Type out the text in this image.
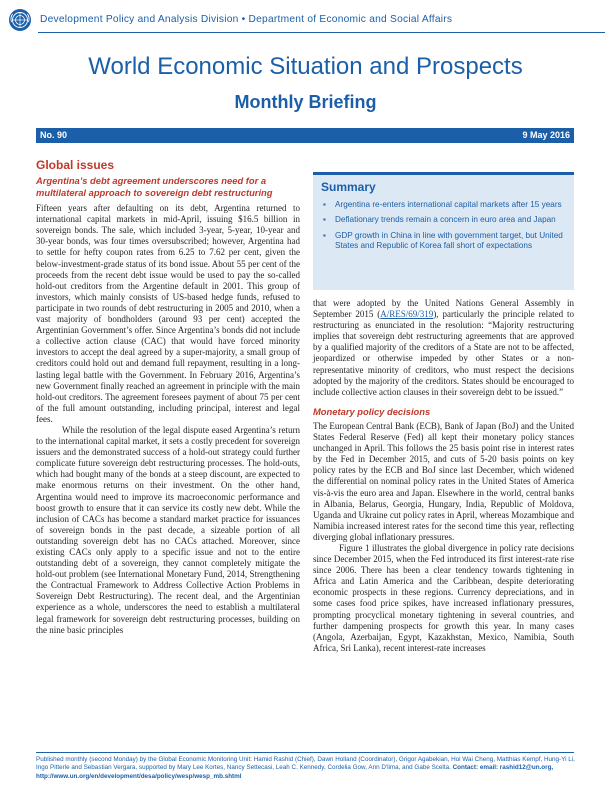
Development Policy and Analysis Division • Department of Economic and Social Affairs
World Economic Situation and Prospects
Monthly Briefing
No. 90	9 May 2016
Global issues
Argentina’s debt agreement underscores need for a multilateral approach to sovereign debt restructuring

Fifteen years after defaulting on its debt, Argentina returned to international capital markets in mid-April, issuing $16.5 billion in sovereign bonds. The sale, which included 3-year, 5-year, 10-year and 30-year bonds, was four times oversubscribed; however, Argentina had to settle for hefty coupon rates from 6.25 to 7.62 per cent, given the below-investment-grade status of its bond issue. About 55 per cent of the proceeds from the recent debt issue would be used to pay the so-called hold-out creditors from the Argentine default in 2001. This group of investors, which mainly consists of US-based hedge funds, refused to participate in two rounds of debt restructuring in 2005 and 2010, when a vast majority of bondholders (around 93 per cent) accepted the Argentinian Government’s offer. Since Argentina’s bonds did not include a collective action clause (CAC) that would have forced minority investors to accept the deal agreed by a super-majority, a small group of creditors could hold out and demand full repayment, resulting in a long-lasting legal battle with the Government. In February 2016, Argentina’s new Government finally reached an agreement in principle with the main hold-out creditors. The agreement foresees payment of about 75 per cent of the full amount outstanding, including principal, interest and legal fees.

While the resolution of the legal dispute eased Argentina’s return to the international capital market, it sets a costly precedent for sovereign issuers and the demonstrated success of a hold-out strategy could further complicate future sovereign debt restructuring processes. The hold-outs, which had bought many of the bonds at a steep discount, are expected to make enormous returns on their investment. On the other hand, Argentina would need to improve its macroeconomic performance and boost growth to ensure that it can service its costly new debt. While the inclusion of CACs has become a standard market practice for issuances of sovereign bonds in the past decade, a sizeable portion of all outstanding sovereign debt has no CACs attached. Moreover, since existing CACs only apply to a specific issue and not to the entire outstanding debt of a sovereign, they cannot completely mitigate the hold-out problem (see International Monetary Fund, 2014, Strengthening the Contractual Framework to Address Collective Action Problems in Sovereign Debt Restructuring). The recent deal, and the Argentinian experience as a whole, underscores the need to establish a multilateral legal framework for sovereign debt restructuring processes, building on the nine basic principles

Summary
▪ Argentina re-enters international capital markets after 15 years
▪ Deflationary trends remain a concern in euro area and Japan
▪ GDP growth in China in line with government target, but United States and Republic of Korea fall short of expectations

that were adopted by the United Nations General Assembly in September 2015 (A/RES/69/319), particularly the principle related to restructuring as enunciated in the resolution: “Majority restructuring implies that sovereign debt restructuring agreements that are approved by a qualified majority of the creditors of a State are not to be affected, jeopardized or otherwise impeded by other States or a non-representative minority of creditors, who must respect the decisions adopted by the majority of the creditors. States should be encouraged to include collective action clauses in their sovereign debt to be issued.”

Monetary policy decisions

The European Central Bank (ECB), Bank of Japan (BoJ) and the United States Federal Reserve (Fed) all kept their monetary policy stances unchanged in April. This follows the 25 basis point rise in interest rates by the Fed in December 2015, and cuts of 5-20 basis points on key policy rates by the ECB and BoJ since last December, which widened the differential on nominal policy rates in the United States of America vis-à-vis the euro area and Japan. Elsewhere in the world, central banks in Albania, Belarus, Georgia, Hungary, India, Republic of Moldova, Uganda and Ukraine cut policy rates in April, whereas Mozambique and Namibia increased interest rates for the second time this year, reflecting diverging global inflationary pressures.

Figure 1 illustrates the global divergence in policy rate decisions since December 2015, when the Fed introduced its first interest-rate rise since 2006. There has been a clear tendency towards tightening in Africa and Latin America and the Caribbean, despite deteriorating economic prospects in these regions. Currency depreciations, and in some cases food price spikes, have increased inflationary pressures, prompting procyclical monetary tightening in several countries, and further dampening prospects for growth this year. In many cases (Angola, Azerbaijan, Egypt, Kazakhstan, Mexico, Namibia, South Africa, Sri Lanka), recent interest-rate increases

Published monthly (second Monday) by the Global Economic Monitoring Unit: Hamid Rashid (Chief), Dawn Holland (Coordinator), Grigor Agabekian, Hoi Wai Cheng, Matthias Kempf, Hung-Yi Li, Ingo Pitterle and Sebastian Vergara, supported by Mary Lee Kortes, Nancy Settecasi, Leah C. Kennedy, Cordelia Gow, Ann D'lima, and Gabe Scelta. Contact: email: rashid12@un.org, http://www.un.org/en/development/desa/policy/wesp/wesp_mb.shtml
